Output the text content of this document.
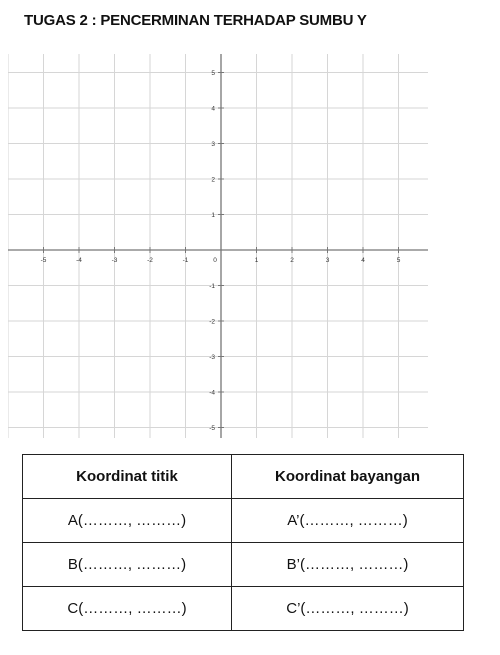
TUGAS 2 : PENCERMINAN TERHADAP SUMBU Y
-5	-4	-3	-2	-1	0	1	2	3	4	5
5
4
3
2
1
-1
-2
-3
-4
-5
Koordinat titik	Koordinat bayangan
A(………, ………)	A’(………, ………)
B(………, ………)	B’(………, ………)
C(………, ………)	C’(………, ………)
